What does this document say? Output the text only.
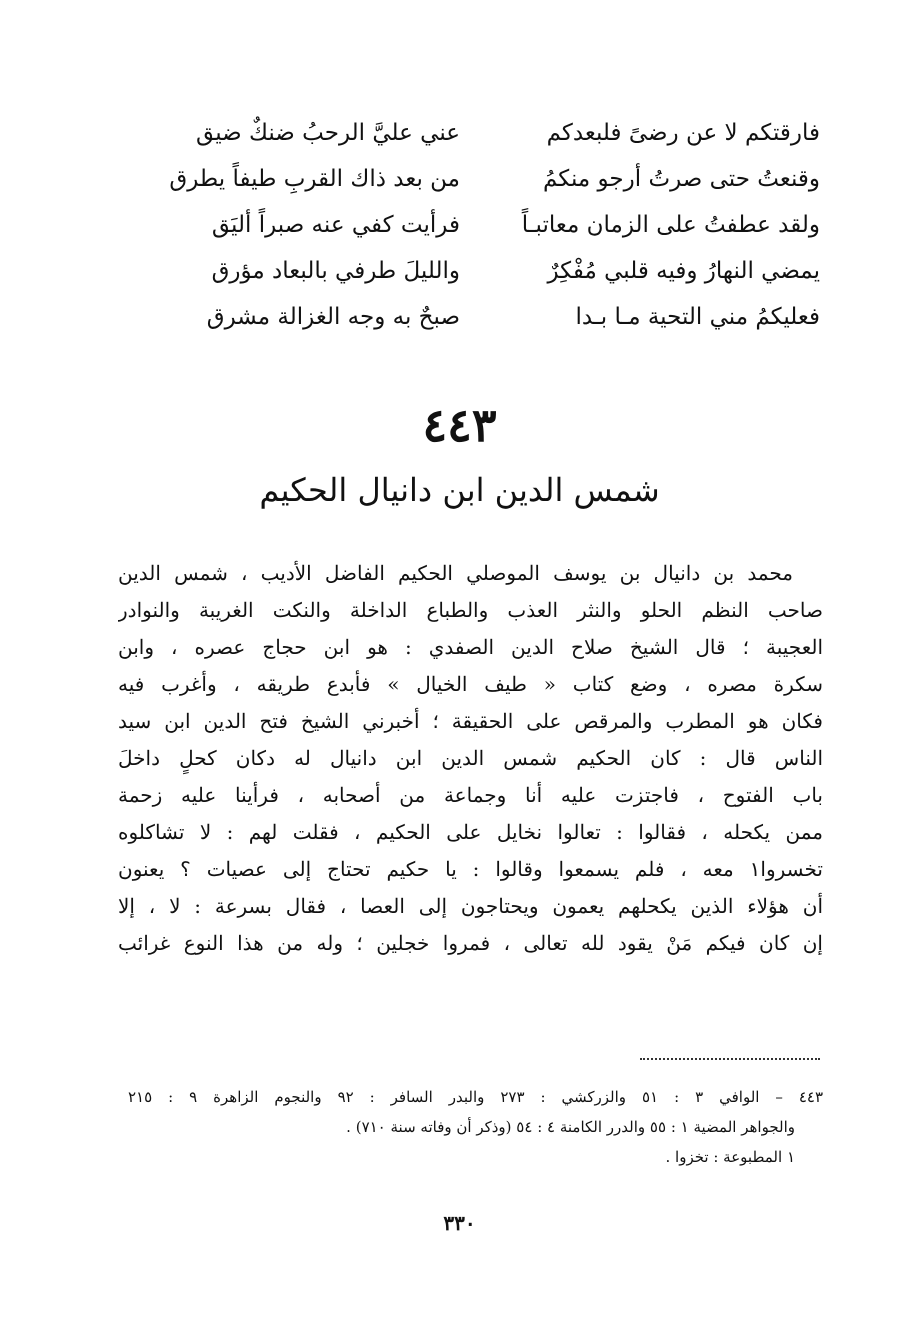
فارقتكم لا عن رضىً فلبعدكم
عني عليَّ الرحبُ ضنكٌ ضيق
وقنعتُ حتى صرتُ أرجو منكمُ
من بعد ذاك القربِ طيفاً يطرق
ولقد عطفتُ على الزمان معاتبـاً
فرأيت كفي عنه صبراً أليَق
يمضي النهارُ وفيه قلبي مُفْكِرٌ
والليلَ طرفي بالبعاد مؤرق
فعليكمُ مني التحية مـا بـدا
صبحٌ به وجه الغزالة مشرق
٤٤٣
شمس الدين ابن دانيال الحكيم
محمد بن دانيال بن يوسف الموصلي الحكيم الفاضل الأديب ، شمس الدين
صاحب النظم الحلو والنثر العذب والطباع الداخلة والنكت الغريبة والنوادر
العجيبة ؛ قال الشيخ صلاح الدين الصفدي : هو ابن حجاج عصره ، وابن
سكرة مصره ، وضع كتاب « طيف الخيال » فأبدع طريقه ، وأغرب فيه
فكان هو المطرب والمرقص على الحقيقة ؛ أخبرني الشيخ فتح الدين ابن سيد
الناس قال : كان الحكيم شمس الدين ابن دانيال له دكان كحلٍ داخلَ
باب الفتوح ، فاجتزت عليه أنا وجماعة من أصحابه ، فرأينا عليه زحمة
ممن يكحله ، فقالوا : تعالوا نخايل على الحكيم ، فقلت لهم : لا تشاكلوه
تخسروا١ معه ، فلم يسمعوا وقالوا : يا حكيم تحتاج إلى عصيات ؟ يعنون
أن هؤلاء الذين يكحلهم يعمون ويحتاجون إلى العصا ، فقال بسرعة : لا ، إلا
إن كان فيكم مَنْ يقود لله تعالى ، فمروا خجلين ؛ وله من هذا النوع غرائب
٤٤٣ – الوافي ٣ : ٥١ والزركشي : ٢٧٣ والبدر السافر : ٩٢ والنجوم الزاهرة ٩ : ٢١٥
والجواهر المضية ١ : ٥٥ والدرر الكامنة ٤ : ٥٤ (وذكر أن وفاته سنة ٧١٠) .
١ المطبوعة : تخزوا .
٣٣٠
